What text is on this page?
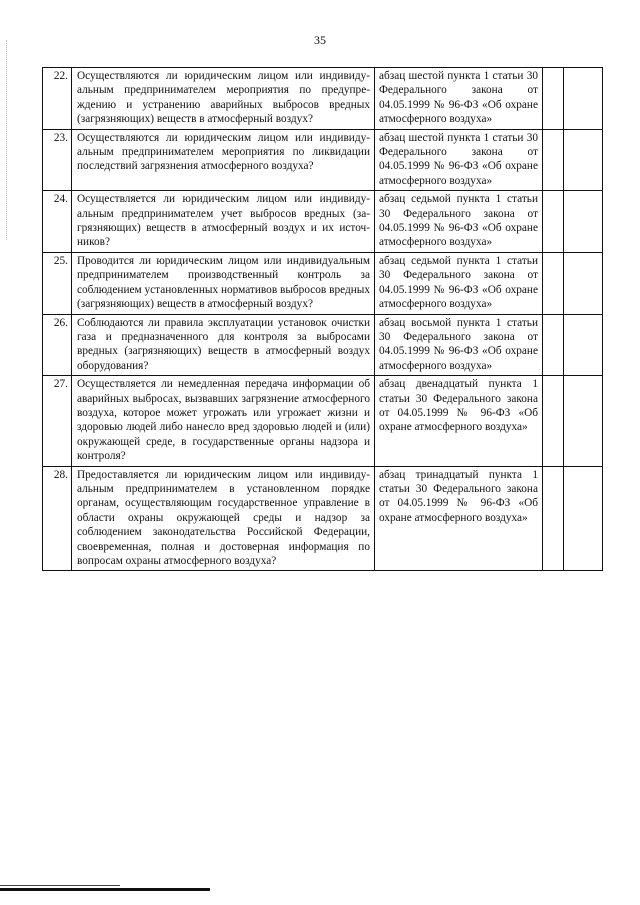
35
22.	Осуществляются ли юридическим лицом или индивидуальным предпринимателем мероприятия по предупреждению и устранению аварийных выбросов вредных (загрязняющих) веществ в атмосферный воздух?	абзац шестой пункта 1 статьи 30 Федерального закона от 04.05.1999 № 96-ФЗ «Об охране атмосферного воздуха»		

23.	Осуществляются ли юридическим лицом или индивидуальным предпринимателем мероприятия по ликвидации последствий загрязнения атмосферного воздуха?	абзац шестой пункта 1 статьи 30 Федерального закона от 04.05.1999 № 96-ФЗ «Об охране атмосферного воздуха»		

24.	Осуществляется ли юридическим лицом или индивидуальным предпринимателем учет выбросов вредных (загрязняющих) веществ в атмосферный воздух и их источников?	абзац седьмой пункта 1 статьи 30 Федерального закона от 04.05.1999 № 96-ФЗ «Об охране атмосферного воздуха»		

25.	Проводится ли юридическим лицом или индивидуальным предпринимателем производственный контроль за соблюдением установленных нормативов выбросов вредных (загрязняющих) веществ в атмосферный воздух?	абзац седьмой пункта 1 статьи 30 Федерального закона от 04.05.1999 № 96-ФЗ «Об охране атмосферного воздуха»		

26.	Соблюдаются ли правила эксплуатации установок очистки газа и предназначенного для контроля за выбросами вредных (загрязняющих) веществ в атмосферный воздух оборудования?	абзац восьмой пункта 1 статьи 30 Федерального закона от 04.05.1999 № 96-ФЗ «Об охране атмосферного воздуха»		

27.	Осуществляется ли немедленная передача информации об аварийных выбросах, вызвавших загрязнение атмосферного воздуха, которое может угрожать или угрожает жизни и здоровью людей либо нанесло вред здоровью людей и (или) окружающей среде, в государственные органы надзора и контроля?	абзац двенадцатый пункта 1 статьи 30 Федерального закона от 04.05.1999 № 96-ФЗ «Об охране атмосферного воздуха»		

28.	Предоставляется ли юридическим лицом или индивидуальным предпринимателем в установленном порядке органам, осуществляющим государственное управление в области охраны окружающей среды и надзор за соблюдением законодательства Российской Федерации, своевременная, полная и достоверная информация по вопросам охраны атмосферного воздуха?	абзац тринадцатый пункта 1 статьи 30 Федерального закона от 04.05.1999 № 96-ФЗ «Об охране атмосферного воздуха»		
